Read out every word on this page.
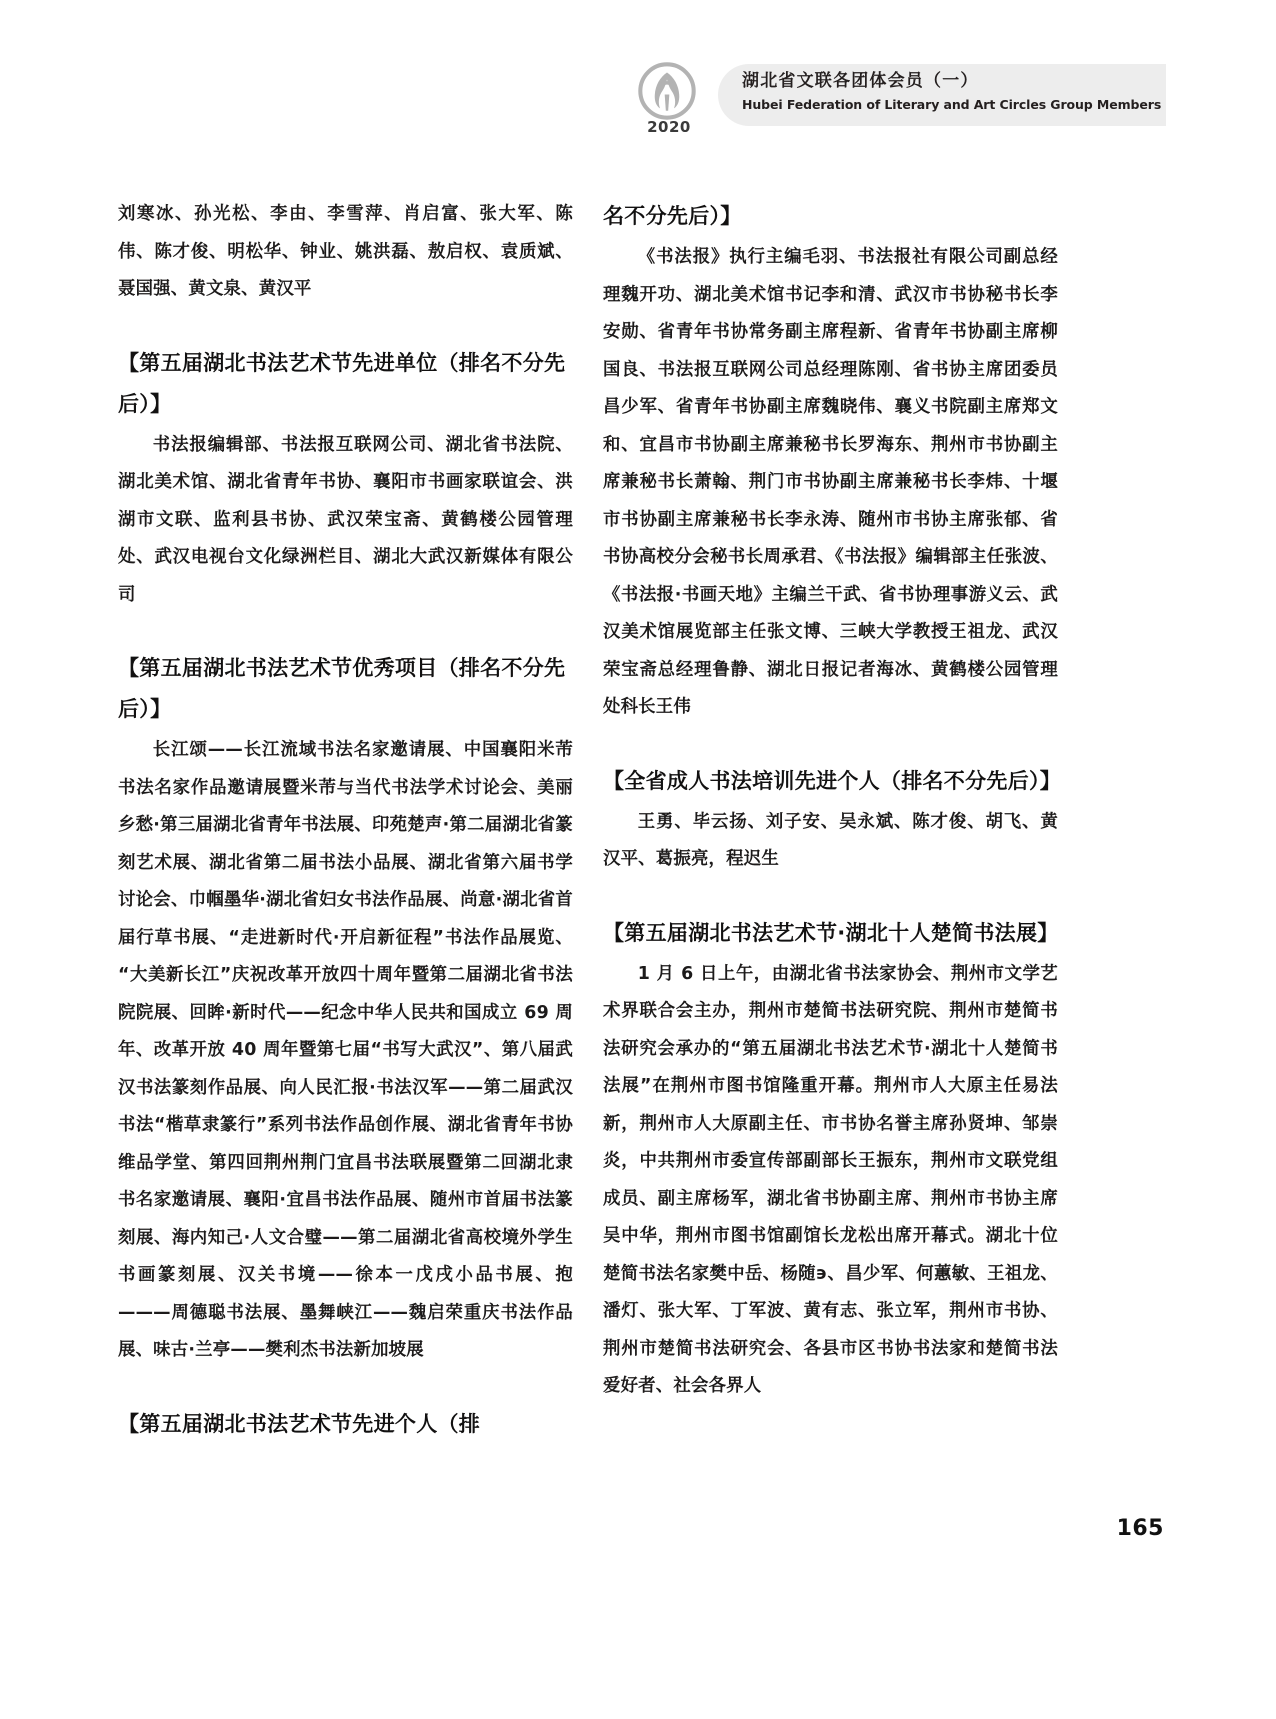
2020
湖北省文联各团体会员（一）
Hubei Federation of Literary and Art Circles Group Members

刘寒冰、孙光松、李由、李雪萍、肖启富、张大军、陈伟、陈才俊、明松华、钟业、姚洪磊、敖启权、袁质斌、聂国强、黄文泉、黄汉平

【第五届湖北书法艺术节先进单位（排名不分先后）】

书法报编辑部、书法报互联网公司、湖北省书法院、湖北美术馆、湖北省青年书协、襄阳市书画家联谊会、洪湖市文联、监利县书协、武汉荣宝斋、黄鹤楼公园管理处、武汉电视台文化绿洲栏目、湖北大武汉新媒体有限公司

【第五届湖北书法艺术节优秀项目（排名不分先后）】

长江颂——长江流域书法名家邀请展、中国襄阳米芾书法名家作品邀请展暨米芾与当代书法学术讨论会、美丽乡愁·第三届湖北省青年书法展、印苑楚声·第二届湖北省篆刻艺术展、湖北省第二届书法小品展、湖北省第六届书学讨论会、巾帼墨华·湖北省妇女书法作品展、尚意·湖北省首届行草书展、“走进新时代·开启新征程”书法作品展览、“大美新长江”庆祝改革开放四十周年暨第二届湖北省书法院院展、回眸·新时代——纪念中华人民共和国成立 69 周年、改革开放 40 周年暨第七届“书写大武汉”、第八届武汉书法篆刻作品展、向人民汇报·书法汉军——第二届武汉书法“楷草隶篆行”系列书法作品创作展、湖北省青年书协维品学堂、第四回荆州荆门宜昌书法联展暨第二回湖北隶书名家邀请展、襄阳·宜昌书法作品展、随州市首届书法篆刻展、海内知己·人文合璧——第二届湖北省高校境外学生书画篆刻展、汉关书境——徐本一戊戌小品书展、抱———周德聪书法展、墨舞峡江——魏启荣重庆书法作品展、味古·兰亭——樊利杰书法新加坡展

【第五届湖北书法艺术节先进个人（排
名不分先后）】

《书法报》执行主编毛羽、书法报社有限公司副总经理魏开功、湖北美术馆书记李和清、武汉市书协秘书长李安勋、省青年书协常务副主席程新、省青年书协副主席柳国良、书法报互联网公司总经理陈刚、省书协主席团委员昌少军、省青年书协副主席魏晓伟、襄义书院副主席郑文和、宜昌市书协副主席兼秘书长罗海东、荆州市书协副主席兼秘书长萧翰、荆门市书协副主席兼秘书长李炜、十堰市书协副主席兼秘书长李永涛、随州市书协主席张郁、省书协高校分会秘书长周承君、《书法报》编辑部主任张波、《书法报·书画天地》主编兰干武、省书协理事游义云、武汉美术馆展览部主任张文博、三峡大学教授王祖龙、武汉荣宝斋总经理鲁静、湖北日报记者海冰、黄鹤楼公园管理处科长王伟

【全省成人书法培训先进个人（排名不分先后）】

王勇、毕云扬、刘子安、吴永斌、陈才俊、胡飞、黄汉平、葛振亮，程迟生

【第五届湖北书法艺术节·湖北十人楚简书法展】

1 月 6 日上午，由湖北省书法家协会、荆州市文学艺术界联合会主办，荆州市楚简书法研究院、荆州市楚简书法研究会承办的“第五届湖北书法艺术节·湖北十人楚简书法展”在荆州市图书馆隆重开幕。荆州市人大原主任易法新，荆州市人大原副主任、市书协名誉主席孙贤坤、邹崇炎，中共荆州市委宣传部副部长王振东，荆州市文联党组成员、副主席杨军，湖北省书协副主席、荆州市书协主席吴中华，荆州市图书馆副馆长龙松出席开幕式。湖北十位楚简书法名家樊中岳、杨随϶、昌少军、何蕙敏、王祖龙、潘灯、张大军、丁军波、黄有志、张立军，荆州市书协、荆州市楚简书法研究会、各县市区书协书法家和楚简书法爱好者、社会各界人

165
